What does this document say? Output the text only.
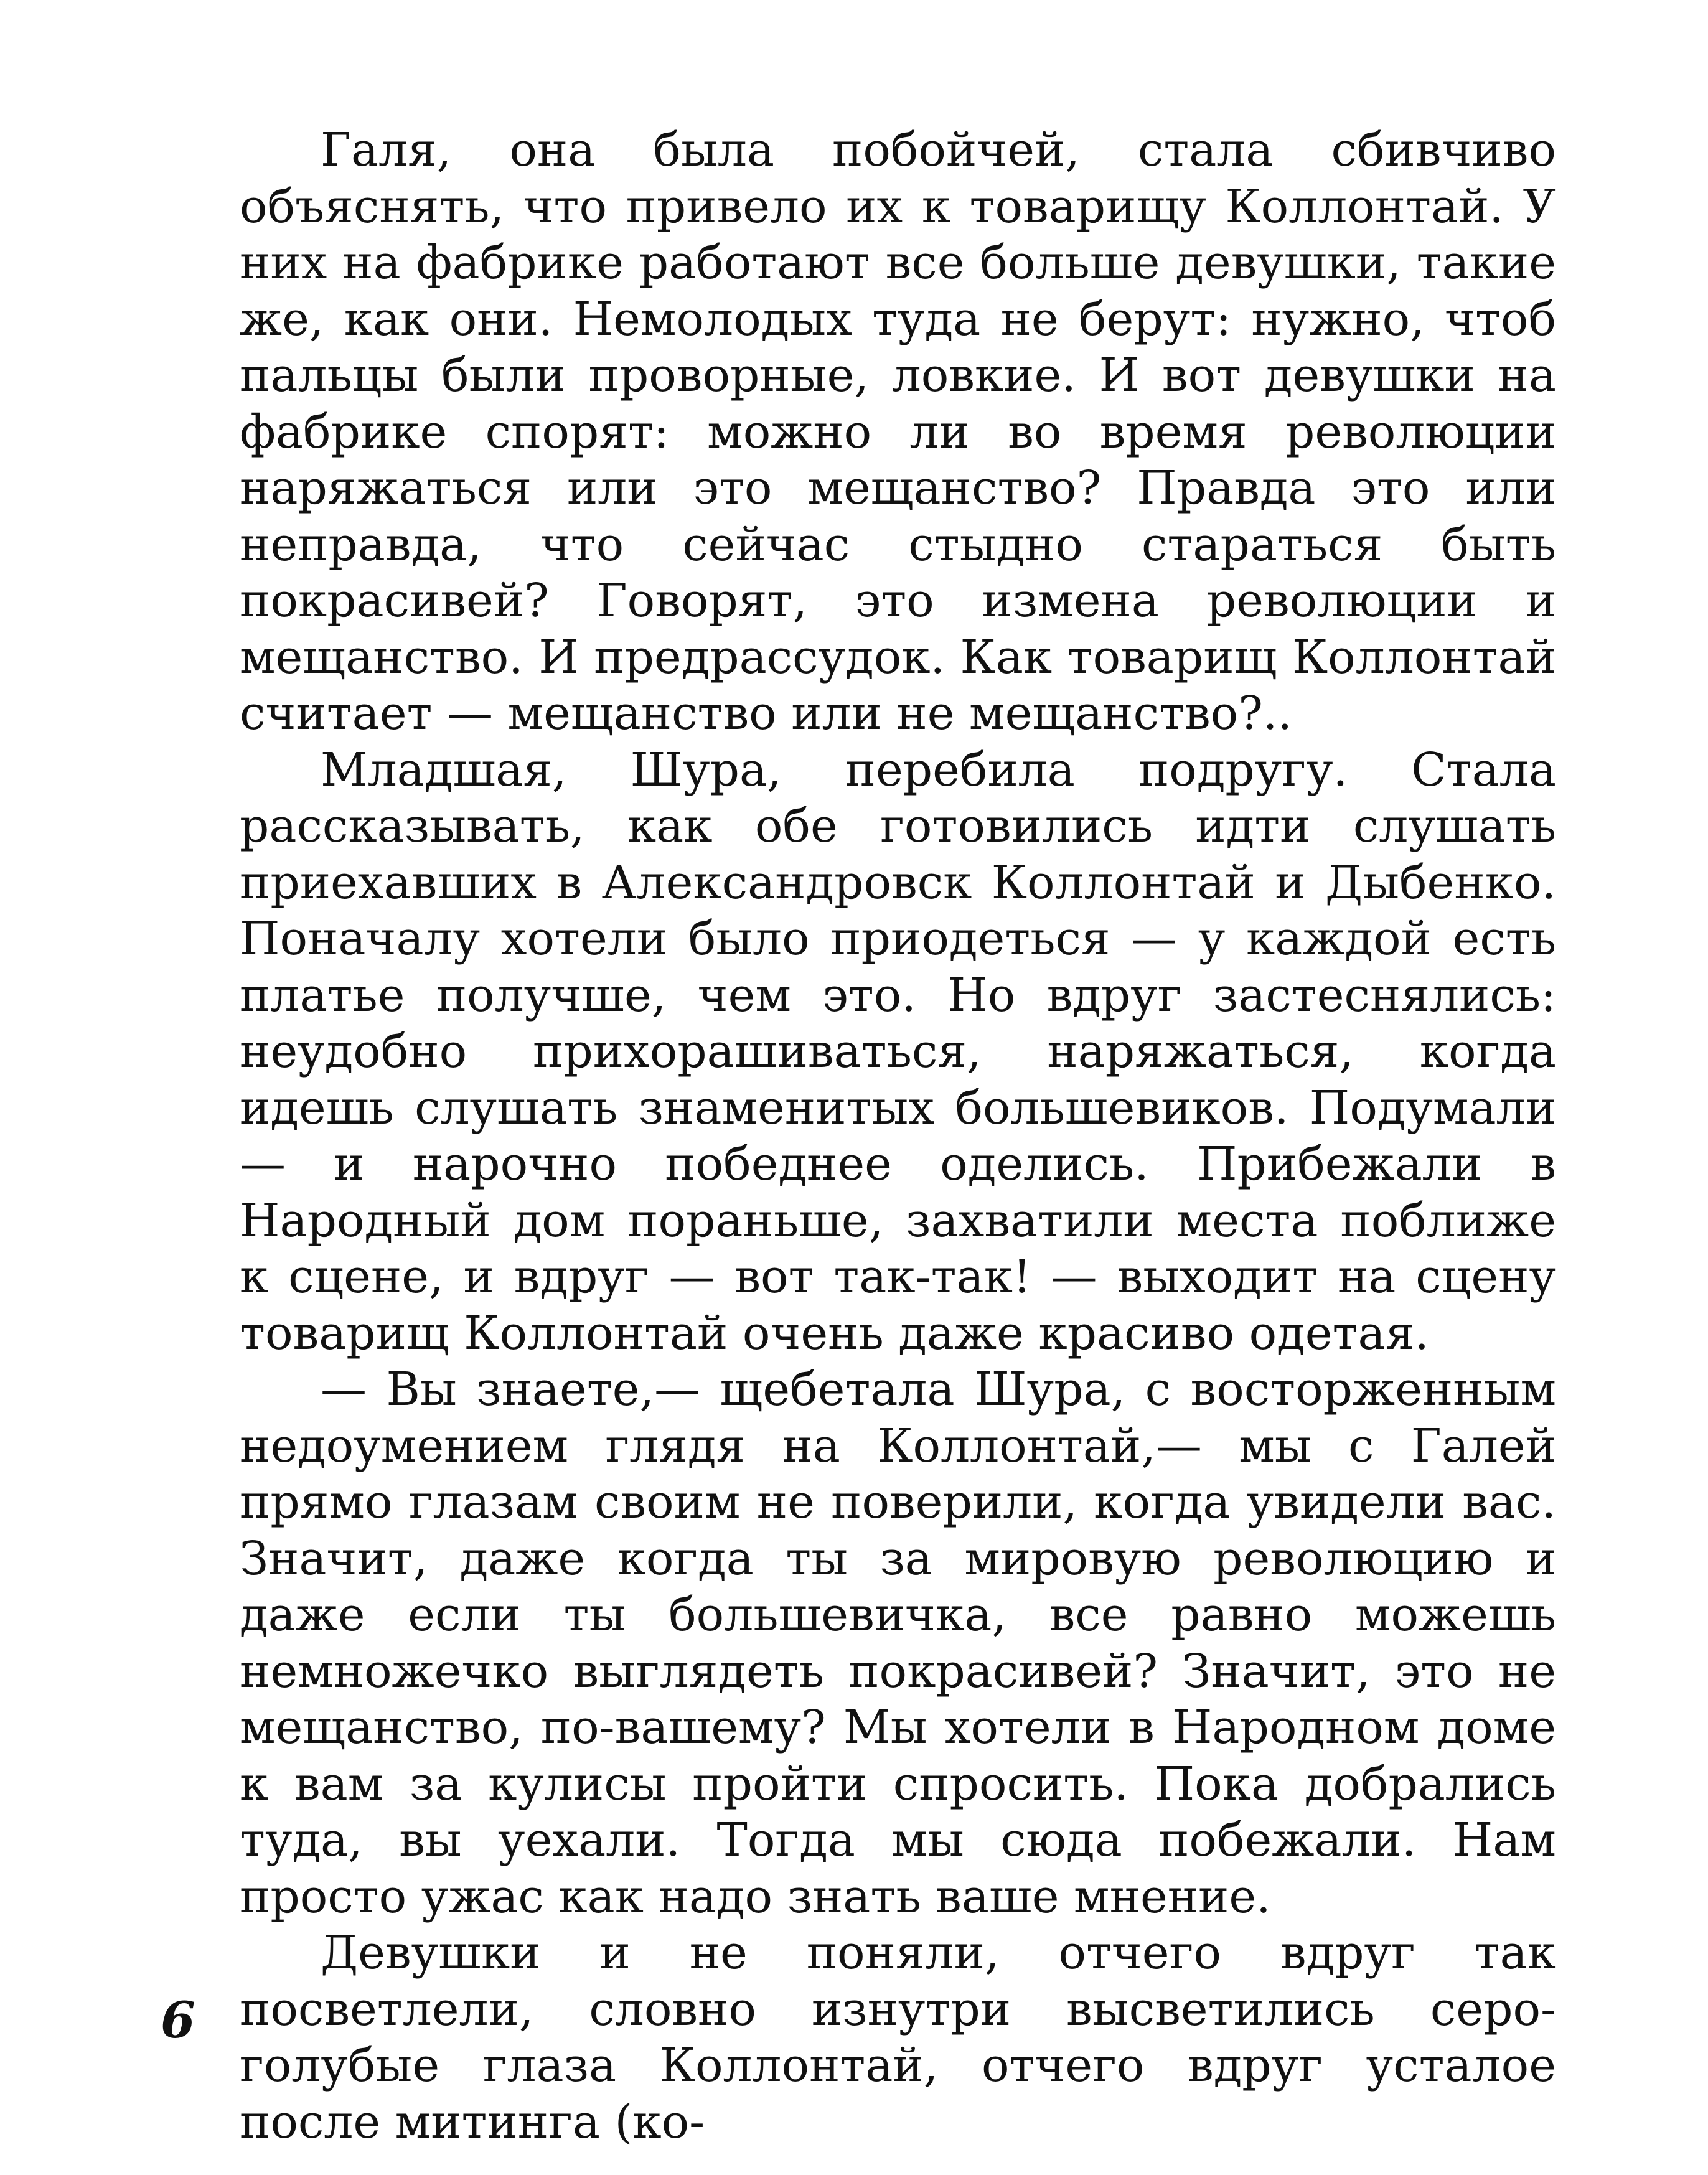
Галя, она была побойчей, стала сбивчиво объяснять, что привело их к товарищу Коллонтай. У них на фабрике работают все больше девушки, такие же, как они. Немолодых туда не берут: нужно, чтоб пальцы были проворные, ловкие. И вот девушки на фабрике спорят: можно ли во время революции наряжаться или это мещанство? Правда это или неправда, что сейчас стыдно стараться быть покрасивей? Говорят, это измена революции и мещанство. И предрассудок. Как товарищ Коллонтай считает — мещанство или не мещанство?..

Младшая, Шура, перебила подругу. Стала рассказывать, как обе готовились идти слушать приехавших в Александровск Коллонтай и Дыбенко. Поначалу хотели было приодеться — у каждой есть платье получше, чем это. Но вдруг застеснялись: неудобно прихорашиваться, наряжаться, когда идешь слушать знаменитых большевиков. Подумали — и нарочно победнее оделись. Прибежали в Народный дом пораньше, захватили места поближе к сцене, и вдруг — вот так-так! — выходит на сцену товарищ Коллонтай очень даже красиво одетая.

— Вы знаете,— щебетала Шура, с восторженным недоумением глядя на Коллонтай,— мы с Галей прямо глазам своим не поверили, когда увидели вас. Значит, даже когда ты за мировую революцию и даже если ты большевичка, все равно можешь немножечко выглядеть покрасивей? Значит, это не мещанство, по-вашему? Мы хотели в Народном доме к вам за кулисы пройти спросить. Пока добрались туда, вы уехали. Тогда мы сюда побежали. Нам просто ужас как надо знать ваше мнение.

Девушки и не поняли, отчего вдруг так посветлели, словно изнутри высветились серо-голубые глаза Коллонтай, отчего вдруг усталое после митинга (ко-

6
